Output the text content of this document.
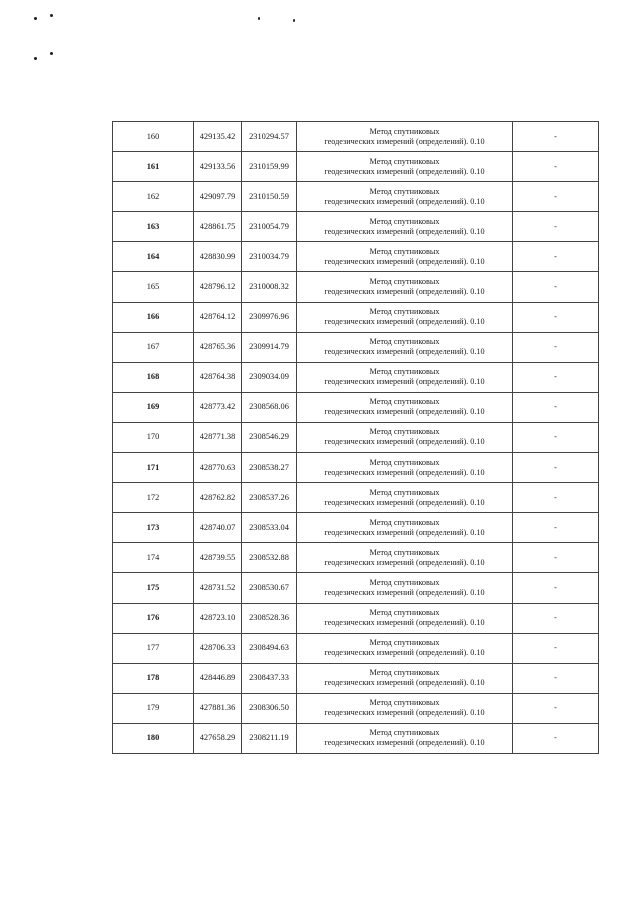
160	429135.42	2310294.57	Метод спутниковых
геодезических измерений (определений). 0.10	-
161	429133.56	2310159.99	Метод спутниковых
геодезических измерений (определений). 0.10	-
162	429097.79	2310150.59	Метод спутниковых
геодезических измерений (определений). 0.10	-
163	428861.75	2310054.79	Метод спутниковых
геодезических измерений (определений). 0.10	-
164	428830.99	2310034.79	Метод спутниковых
геодезических измерений (определений). 0.10	-
165	428796.12	2310008.32	Метод спутниковых
геодезических измерений (определений). 0.10	-
166	428764.12	2309976.96	Метод спутниковых
геодезических измерений (определений). 0.10	-
167	428765.36	2309914.79	Метод спутниковых
геодезических измерений (определений). 0.10	-
168	428764.38	2309034.09	Метод спутниковых
геодезических измерений (определений). 0.10	-
169	428773.42	2308568.06	Метод спутниковых
геодезических измерений (определений). 0.10	-
170	428771.38	2308546.29	Метод спутниковых
геодезических измерений (определений). 0.10	-
171	428770.63	2308538.27	Метод спутниковых
геодезических измерений (определений). 0.10	-
172	428762.82	2308537.26	Метод спутниковых
геодезических измерений (определений). 0.10	-
173	428740.07	2308533.04	Метод спутниковых
геодезических измерений (определений). 0.10	-
174	428739.55	2308532.88	Метод спутниковых
геодезических измерений (определений). 0.10	-
175	428731.52	2308530.67	Метод спутниковых
геодезических измерений (определений). 0.10	-
176	428723.10	2308528.36	Метод спутниковых
геодезических измерений (определений). 0.10	-
177	428706.33	2308494.63	Метод спутниковых
геодезических измерений (определений). 0.10	-
178	428446.89	2308437.33	Метод спутниковых
геодезических измерений (определений). 0.10	-
179	427881.36	2308306.50	Метод спутниковых
геодезических измерений (определений). 0.10	-
180	427658.29	2308211.19	Метод спутниковых
геодезических измерений (определений). 0.10	-
